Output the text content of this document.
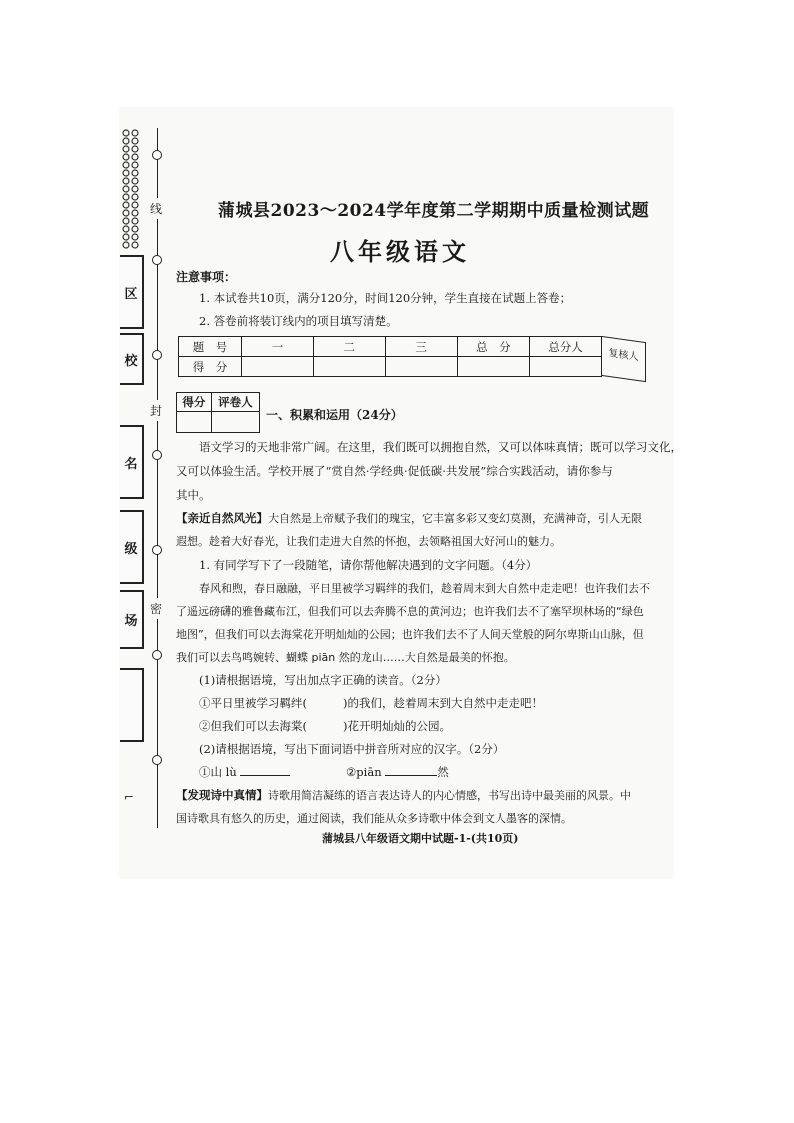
线
封
密
区
校
名
级
场
⌐
蒲城县2023～2024学年度第二学期期中质量检测试题
八年级语文
注意事项：
1. 本试卷共10页，满分120分，时间120分钟，学生直接在试题上答卷；
2. 答卷前将装订线内的项目填写清楚。
题　号	一	二	三	总　分	总分人
得　分					
复核人
得分	评卷人

一、积累和运用（24分）
语文学习的天地非常广阔。在这里，我们既可以拥抱自然，又可以体味真情；既可以学习文化，
又可以体验生活。学校开展了“赏自然·学经典·促低碳·共发展”综合实践活动，请你参与
其中。
【亲近自然风光】大自然是上帝赋予我们的瑰宝，它丰富多彩又变幻莫测，充满神奇，引人无限
遐想。趁着大好春光，让我们走进大自然的怀抱，去领略祖国大好河山的魅力。
1. 有同学写下了一段随笔，请你帮他解决遇到的文字问题。（4分）
春风和煦，春日融融，平日里被学习羁绊的我们，趁着周末到大自然中走走吧！也许我们去不
了遥远磅礴的雅鲁藏布江，但我们可以去奔腾不息的黄河边；也许我们去不了塞罕坝林场的“绿色
地图”，但我们可以去海棠花开明灿灿的公园；也许我们去不了人间天堂般的阿尔卑斯山山脉，但
我们可以去鸟鸣婉转、蝴蝶 piān 然的龙山……大自然是最美的怀抱。
(1)请根据语境，写出加点字正确的读音。（2分）
①平日里被学习羁绊(	)的我们，趁着周末到大自然中走走吧！
②但我们可以去海棠(	)花开明灿灿的公园。
(2)请根据语境，写出下面词语中拼音所对应的汉字。（2分）
①山 lù	②piān	然
【发现诗中真情】诗歌用简洁凝练的语言表达诗人的内心情感，书写出诗中最美丽的风景。中
国诗歌具有悠久的历史，通过阅读，我们能从众多诗歌中体会到文人墨客的深情。
蒲城县八年级语文期中试题-1-(共10页)
